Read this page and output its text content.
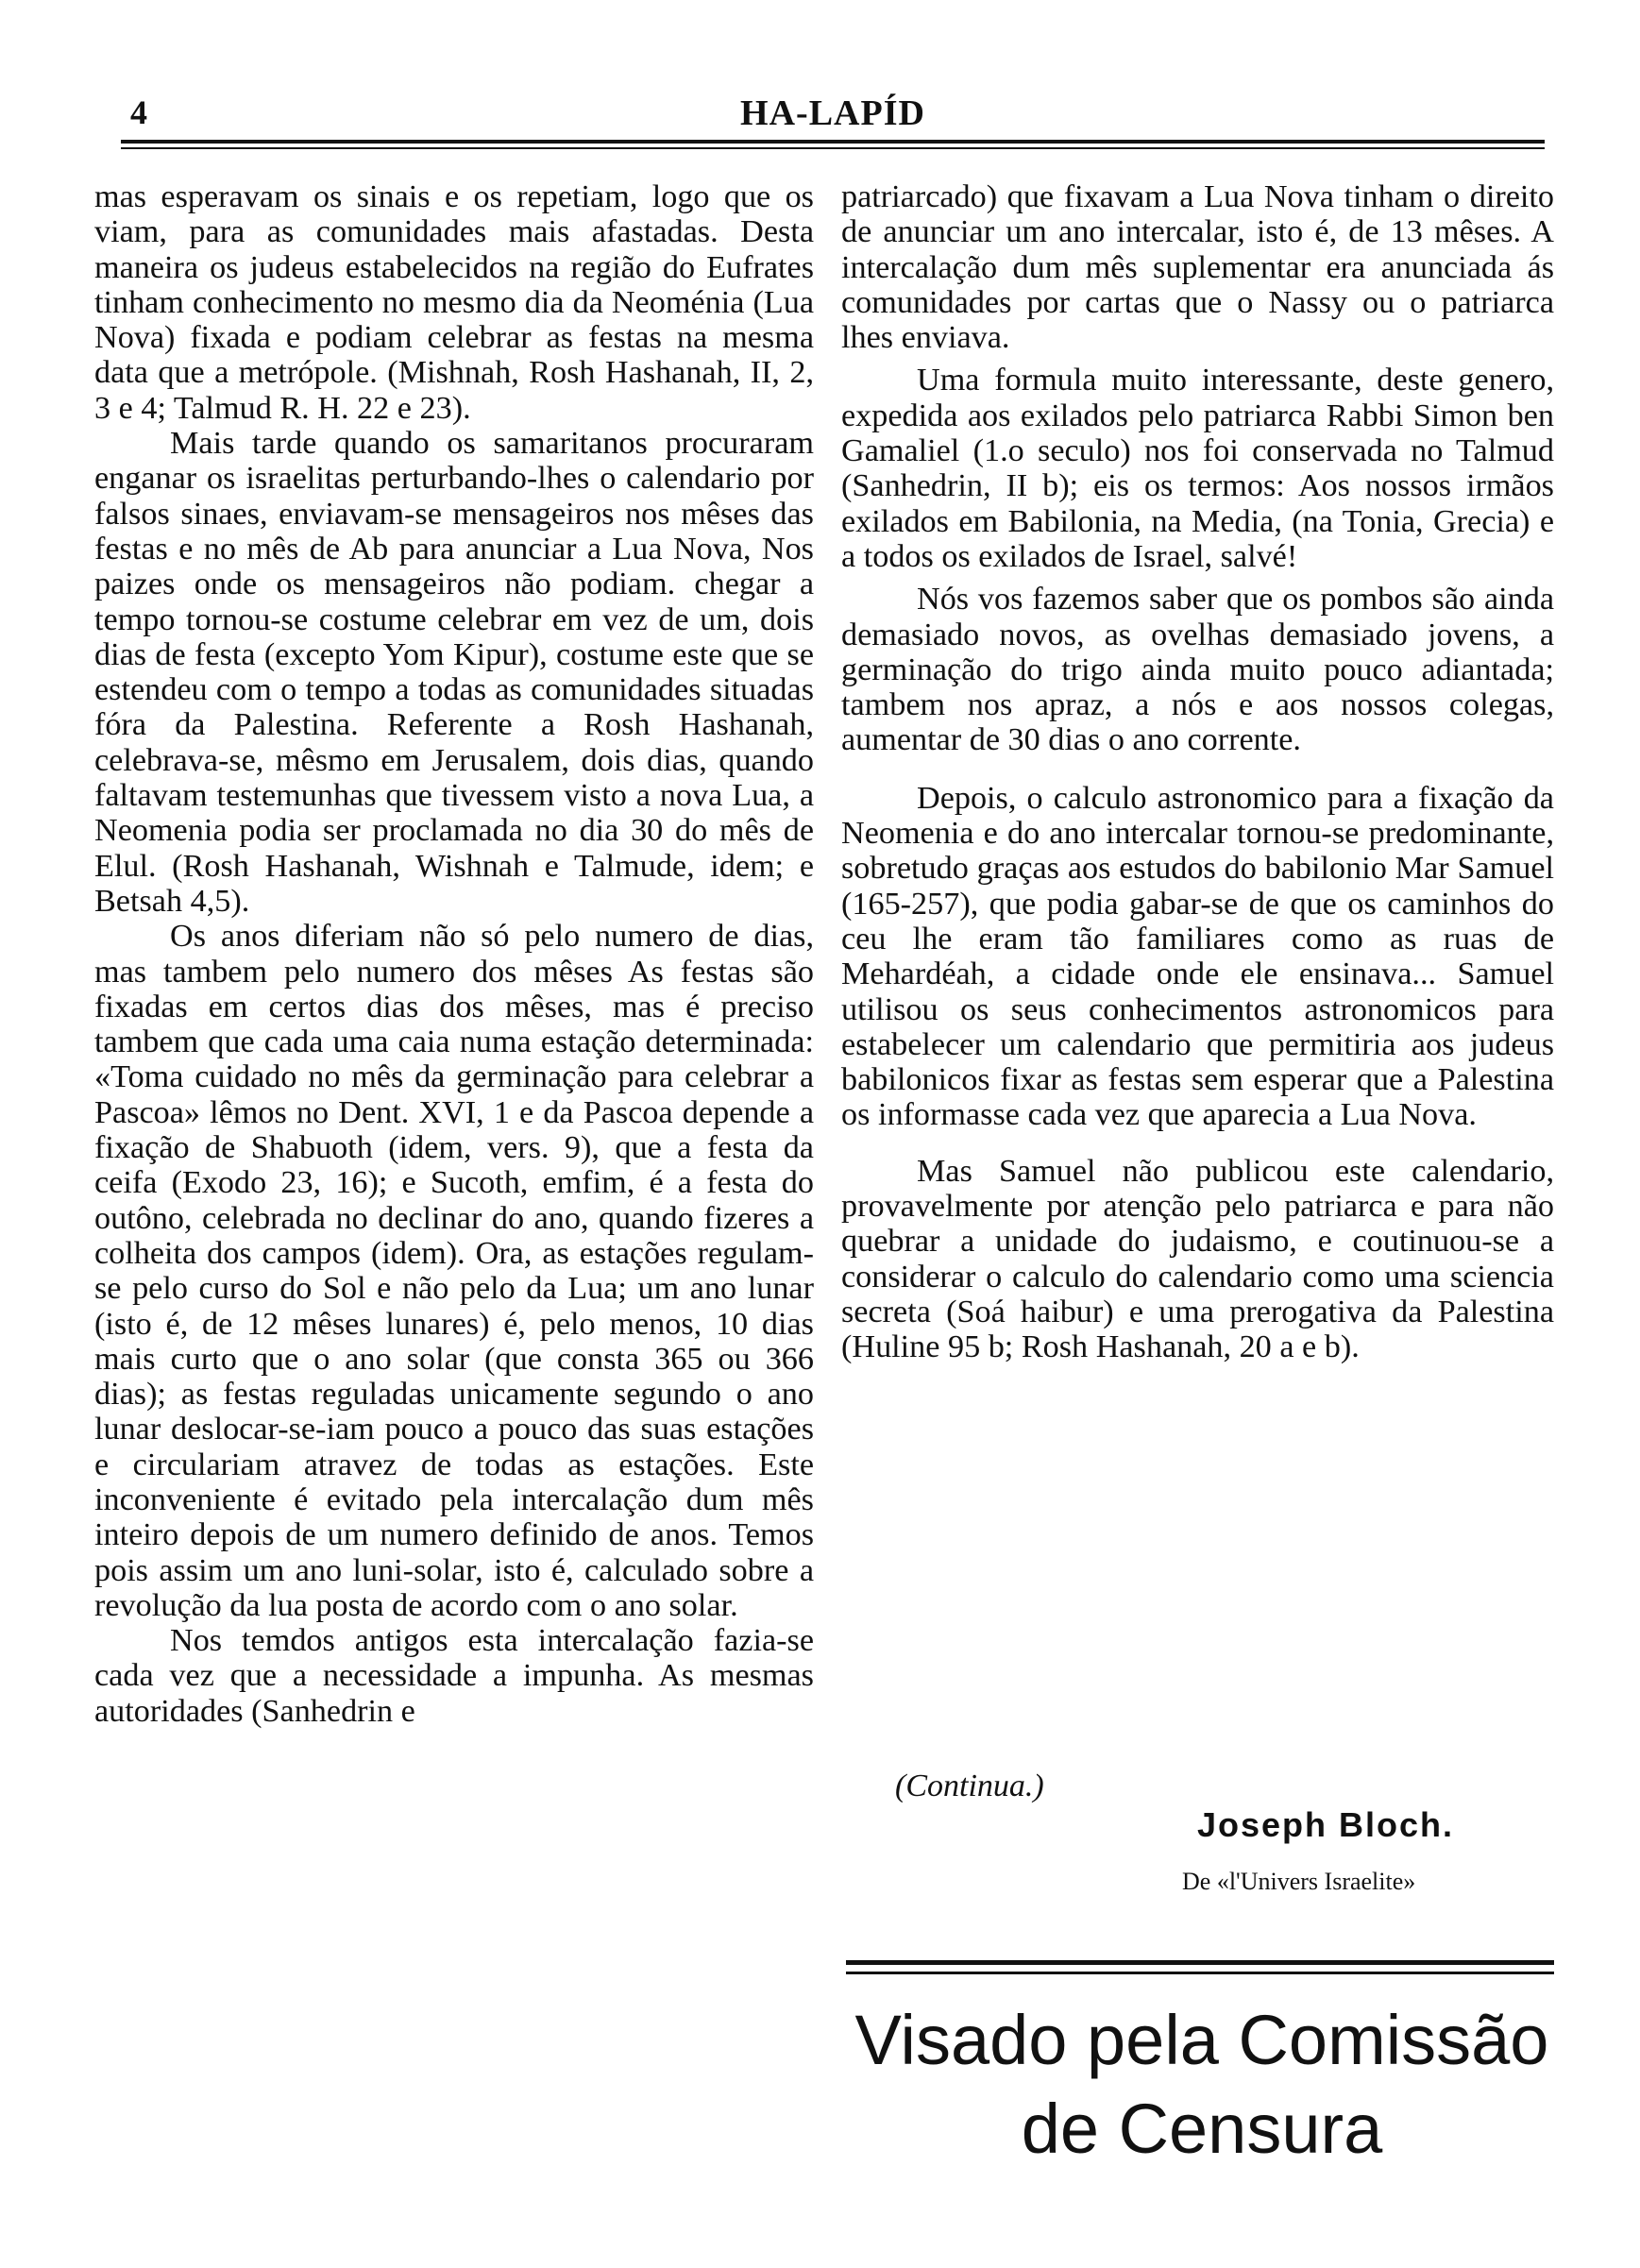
4	HA-LAPÍD

mas esperavam os sinais e os repetiam, logo que os viam, para as comunidades mais afastadas. Desta maneira os judeus estabelecidos na região do Eufrates tinham conhecimento no mesmo dia da Neoménia (Lua Nova) fixada e podiam celebrar as festas na mesma data que a metrópole. (Mishnah, Rosh Hashanah, II, 2, 3 e 4; Talmud R. H. 22 e 23).

Mais tarde quando os samaritanos procuraram enganar os israelitas perturbando-lhes o calendario por falsos sinaes, enviavam-se mensageiros nos mêses das festas e no mês de Ab para anunciar a Lua Nova, Nos paizes onde os mensageiros não podiam. chegar a tempo tornou-se costume celebrar em vez de um, dois dias de festa (excepto Yom Kipur), costume este que se estendeu com o tempo a todas as comunidades situadas fóra da Palestina. Referente a Rosh Hashanah, celebrava-se, mêsmo em Jerusalem, dois dias, quando faltavam testemunhas que tivessem visto a nova Lua, a Neomenia podia ser proclamada no dia 30 do mês de Elul. (Rosh Hashanah, Wishnah e Talmude, idem; e Betsah 4,5).

Os anos diferiam não só pelo numero de dias, mas tambem pelo numero dos mêses As festas são fixadas em certos dias dos mêses, mas é preciso tambem que cada uma caia numa estação determinada: «Toma cuidado no mês da germinação para celebrar a Pascoa» lêmos no Dent. XVI, 1 e da Pascoa depende a fixação de Shabuoth (idem, vers. 9), que a festa da ceifa (Exodo 23, 16); e Sucoth, emfim, é a festa do outôno, celebrada no declinar do ano, quando fizeres a colheita dos campos (idem). Ora, as estações regulam-se pelo curso do Sol e não pelo da Lua; um ano lunar (isto é, de 12 mêses lunares) é, pelo menos, 10 dias mais curto que o ano solar (que consta 365 ou 366 dias); as festas reguladas unicamente segundo o ano lunar deslocar-se-iam pouco a pouco das suas estações e circulariam atravez de todas as estações. Este inconveniente é evitado pela intercalação dum mês inteiro depois de um numero definido de anos. Temos pois assim um ano luni-solar, isto é, calculado sobre a revolução da lua posta de acordo com o ano solar.

Nos temdos antigos esta intercalação fazia-se cada vez que a necessidade a impunha. As mesmas autoridades (Sanhedrin e

patriarcado) que fixavam a Lua Nova tinham o direito de anunciar um ano intercalar, isto é, de 13 mêses. A intercalação dum mês suplementar era anunciada ás comunidades por cartas que o Nassy ou o patriarca lhes enviava.

Uma formula muito interessante, deste genero, expedida aos exilados pelo patriarca Rabbi Simon ben Gamaliel (1.o seculo) nos foi conservada no Talmud (Sanhedrin, II b); eis os termos: Aos nossos irmãos exilados em Babilonia, na Media, (na Tonia, Grecia) e a todos os exilados de Israel, salvé!

Nós vos fazemos saber que os pombos são ainda demasiado novos, as ovelhas demasiado jovens, a germinação do trigo ainda muito pouco adiantada; tambem nos apraz, a nós e aos nossos colegas, aumentar de 30 dias o ano corrente.

Depois, o calculo astronomico para a fixação da Neomenia e do ano intercalar tornou-se predominante, sobretudo graças aos estudos do babilonio Mar Samuel (165-257), que podia gabar-se de que os caminhos do ceu lhe eram tão familiares como as ruas de Mehardéah, a cidade onde ele ensinava... Samuel utilisou os seus conhecimentos astronomicos para estabelecer um calendario que permitiria aos judeus babilonicos fixar as festas sem esperar que a Palestina os informasse cada vez que aparecia a Lua Nova.

Mas Samuel não publicou este calendario, provavelmente por atenção pelo patriarca e para não quebrar a unidade do judaismo, e coutinuou-se a considerar o calculo do calendario como uma sciencia secreta (Soá haibur) e uma prerogativa da Palestina (Huline 95 b; Rosh Hashanah, 20 a e b).

(Continua.)
Joseph Bloch.
De «l'Univers Israelite»
Visado pela Comissão
de Censura
